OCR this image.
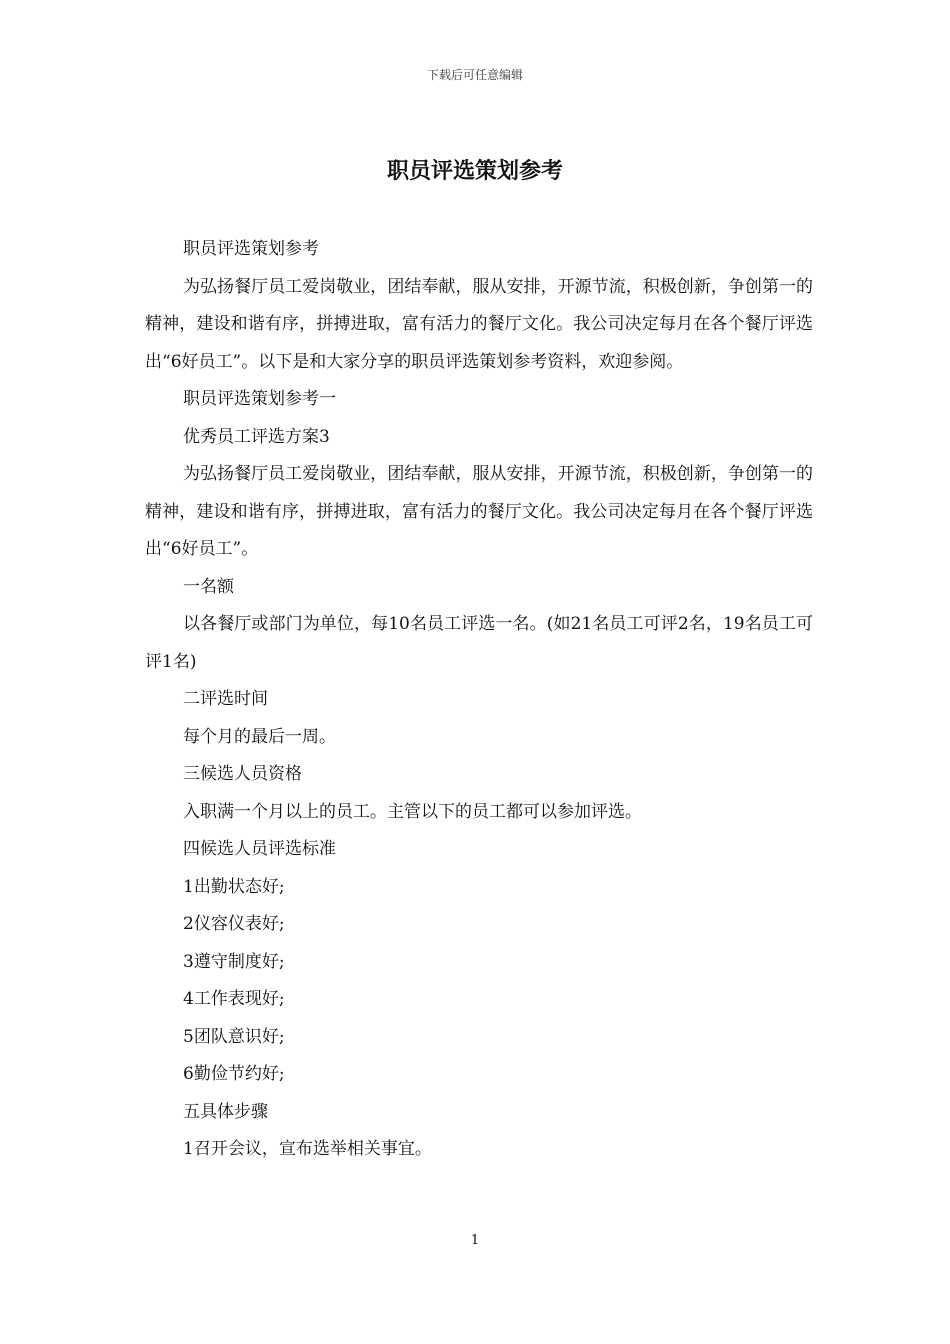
下载后可任意编辑
职员评选策划参考

职员评选策划参考

为弘扬餐厅员工爱岗敬业，团结奉献，服从安排，开源节流，积极创新，争创第一的精神，建设和谐有序，拼搏进取，富有活力的餐厅文化。我公司决定每月在各个餐厅评选出“6好员工”。以下是和大家分享的职员评选策划参考资料，欢迎参阅。

职员评选策划参考一

优秀员工评选方案3

为弘扬餐厅员工爱岗敬业，团结奉献，服从安排，开源节流，积极创新，争创第一的精神，建设和谐有序，拼搏进取，富有活力的餐厅文化。我公司决定每月在各个餐厅评选出“6好员工”。

一名额

以各餐厅或部门为单位，每10名员工评选一名。(如21名员工可评2名，19名员工可评1名)

二评选时间

每个月的最后一周。

三候选人员资格

入职满一个月以上的员工。主管以下的员工都可以参加评选。

四候选人员评选标准

1出勤状态好;

2仪容仪表好;

3遵守制度好;

4工作表现好;

5团队意识好;

6勤俭节约好;

五具体步骤

1召开会议，宣布选举相关事宜。

1
